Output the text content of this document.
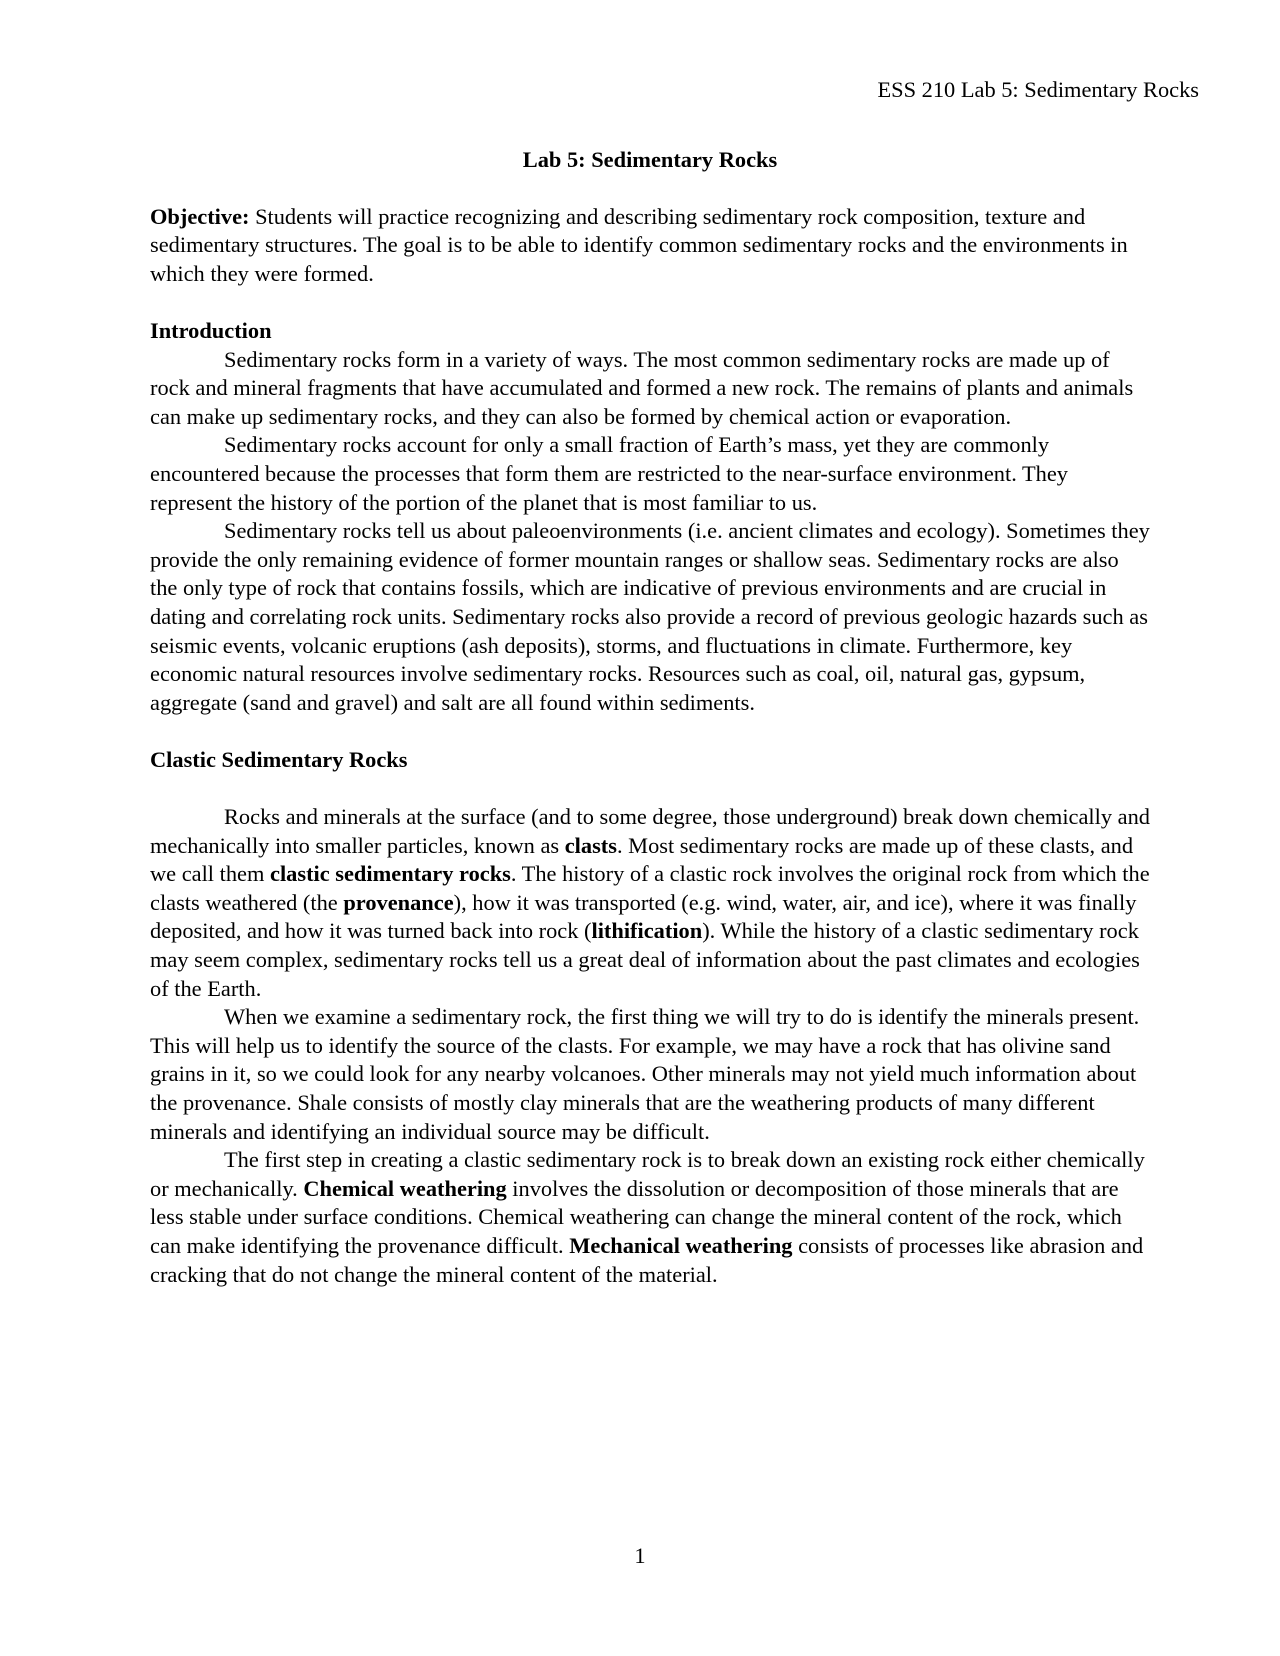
ESS 210 Lab 5: Sedimentary Rocks
Lab 5: Sedimentary Rocks

Objective: Students will practice recognizing and describing sedimentary rock composition, texture and sedimentary structures. The goal is to be able to identify common sedimentary rocks and the environments in which they were formed.

Introduction

Sedimentary rocks form in a variety of ways. The most common sedimentary rocks are made up of rock and mineral fragments that have accumulated and formed a new rock. The remains of plants and animals can make up sedimentary rocks, and they can also be formed by chemical action or evaporation.

Sedimentary rocks account for only a small fraction of Earth’s mass, yet they are commonly encountered because the processes that form them are restricted to the near-surface environment. They represent the history of the portion of the planet that is most familiar to us.

Sedimentary rocks tell us about paleoenvironments (i.e. ancient climates and ecology). Sometimes they provide the only remaining evidence of former mountain ranges or shallow seas. Sedimentary rocks are also the only type of rock that contains fossils, which are indicative of previous environments and are crucial in dating and correlating rock units. Sedimentary rocks also provide a record of previous geologic hazards such as seismic events, volcanic eruptions (ash deposits), storms, and fluctuations in climate. Furthermore, key economic natural resources involve sedimentary rocks. Resources such as coal, oil, natural gas, gypsum, aggregate (sand and gravel) and salt are all found within sediments.

Clastic Sedimentary Rocks

Rocks and minerals at the surface (and to some degree, those underground) break down chemically and mechanically into smaller particles, known as clasts. Most sedimentary rocks are made up of these clasts, and we call them clastic sedimentary rocks. The history of a clastic rock involves the original rock from which the clasts weathered (the provenance), how it was transported (e.g. wind, water, air, and ice), where it was finally deposited, and how it was turned back into rock (lithification). While the history of a clastic sedimentary rock may seem complex, sedimentary rocks tell us a great deal of information about the past climates and ecologies of the Earth.

When we examine a sedimentary rock, the first thing we will try to do is identify the minerals present. This will help us to identify the source of the clasts. For example, we may have a rock that has olivine sand grains in it, so we could look for any nearby volcanoes. Other minerals may not yield much information about the provenance. Shale consists of mostly clay minerals that are the weathering products of many different minerals and identifying an individual source may be difficult.

The first step in creating a clastic sedimentary rock is to break down an existing rock either chemically or mechanically. Chemical weathering involves the dissolution or decomposition of those minerals that are less stable under surface conditions. Chemical weathering can change the mineral content of the rock, which can make identifying the provenance difficult. Mechanical weathering consists of processes like abrasion and cracking that do not change the mineral content of the material.

1
